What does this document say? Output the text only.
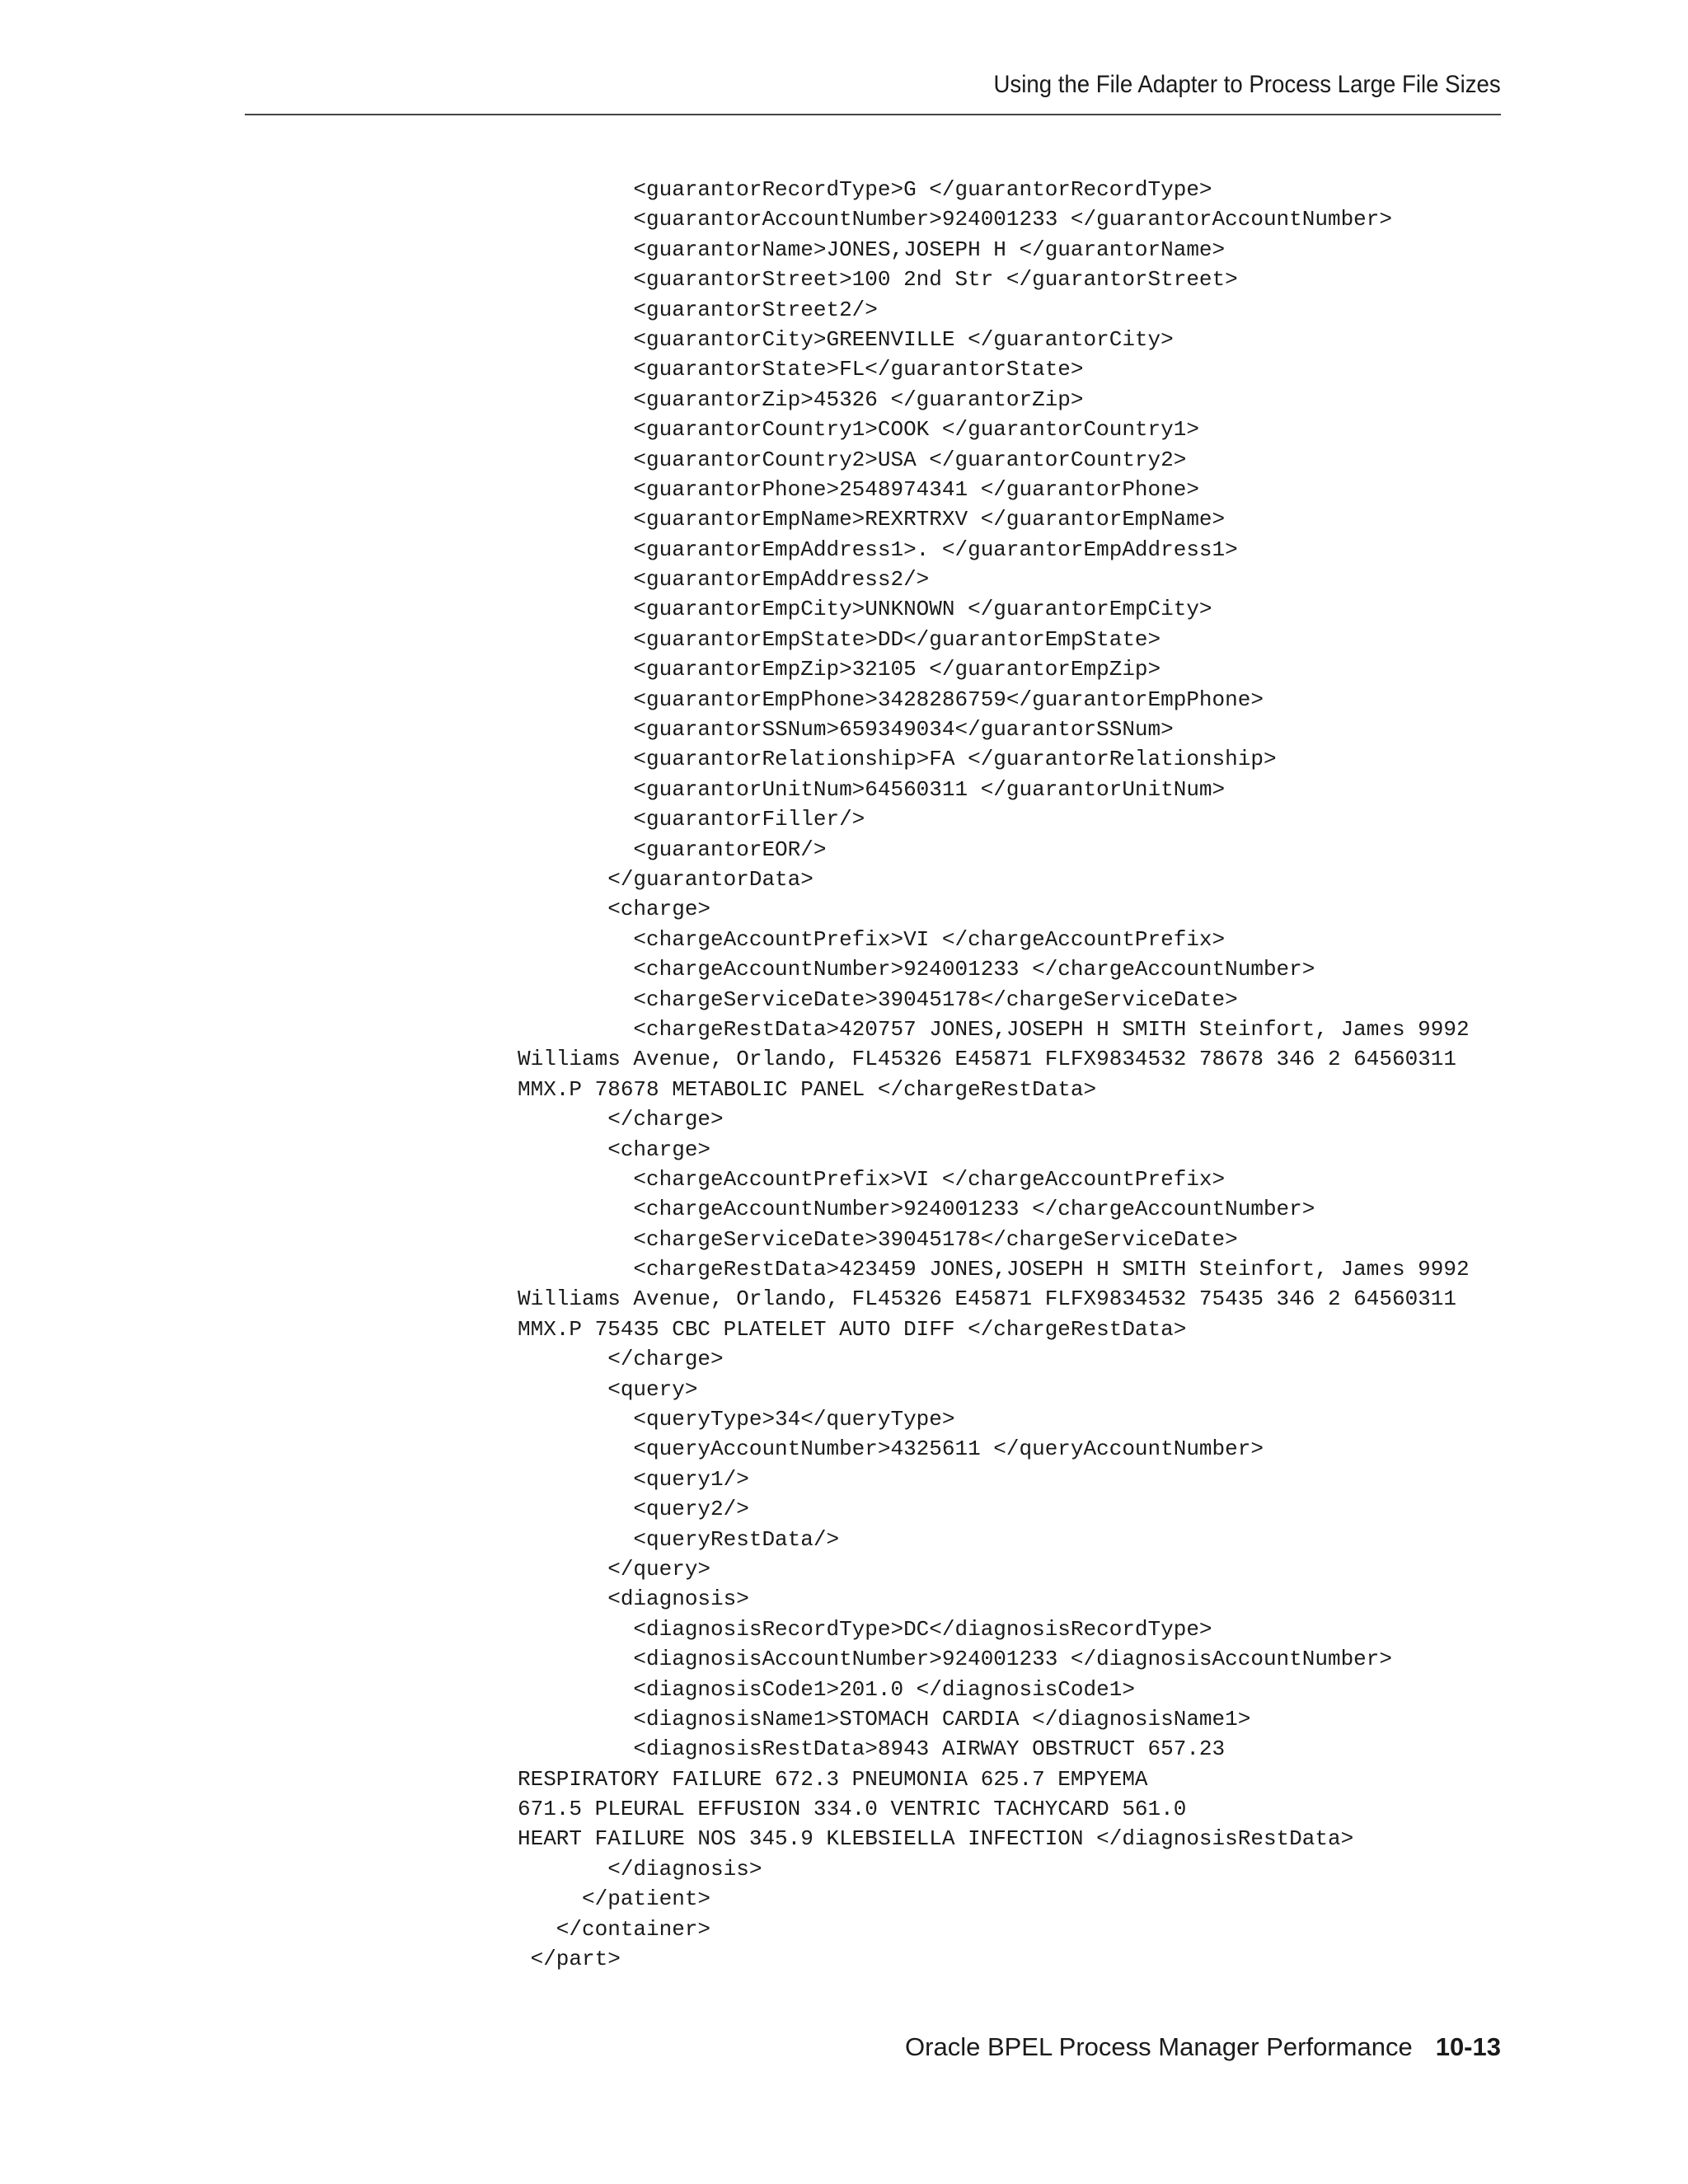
Using the File Adapter to Process Large File Sizes
<guarantorRecordType>G </guarantorRecordType>
<guarantorAccountNumber>924001233 </guarantorAccountNumber>
<guarantorName>JONES,JOSEPH H </guarantorName>
<guarantorStreet>100 2nd Str </guarantorStreet>
<guarantorStreet2/>
<guarantorCity>GREENVILLE </guarantorCity>
<guarantorState>FL</guarantorState>
<guarantorZip>45326 </guarantorZip>
<guarantorCountry1>COOK </guarantorCountry1>
<guarantorCountry2>USA </guarantorCountry2>
<guarantorPhone>2548974341 </guarantorPhone>
<guarantorEmpName>REXRTRXV </guarantorEmpName>
<guarantorEmpAddress1>. </guarantorEmpAddress1>
<guarantorEmpAddress2/>
<guarantorEmpCity>UNKNOWN </guarantorEmpCity>
<guarantorEmpState>DD</guarantorEmpState>
<guarantorEmpZip>32105 </guarantorEmpZip>
<guarantorEmpPhone>3428286759</guarantorEmpPhone>
<guarantorSSNum>659349034</guarantorSSNum>
<guarantorRelationship>FA </guarantorRelationship>
<guarantorUnitNum>64560311 </guarantorUnitNum>
<guarantorFiller/>
<guarantorEOR/>
</guarantorData>
<charge>
<chargeAccountPrefix>VI </chargeAccountPrefix>
<chargeAccountNumber>924001233 </chargeAccountNumber>
<chargeServiceDate>39045178</chargeServiceDate>
<chargeRestData>420757 JONES,JOSEPH H SMITH Steinfort, James 9992
Williams Avenue, Orlando, FL45326 E45871 FLFX9834532 78678 346 2 64560311
MMX.P 78678 METABOLIC PANEL </chargeRestData>
</charge>
<charge>
<chargeAccountPrefix>VI </chargeAccountPrefix>
<chargeAccountNumber>924001233 </chargeAccountNumber>
<chargeServiceDate>39045178</chargeServiceDate>
<chargeRestData>423459 JONES,JOSEPH H SMITH Steinfort, James 9992
Williams Avenue, Orlando, FL45326 E45871 FLFX9834532 75435 346 2 64560311
MMX.P 75435 CBC PLATELET AUTO DIFF </chargeRestData>
</charge>
<query>
<queryType>34</queryType>
<queryAccountNumber>4325611 </queryAccountNumber>
<query1/>
<query2/>
<queryRestData/>
</query>
<diagnosis>
<diagnosisRecordType>DC</diagnosisRecordType>
<diagnosisAccountNumber>924001233 </diagnosisAccountNumber>
<diagnosisCode1>201.0 </diagnosisCode1>
<diagnosisName1>STOMACH CARDIA </diagnosisName1>
<diagnosisRestData>8943 AIRWAY OBSTRUCT 657.23
RESPIRATORY FAILURE 672.3 PNEUMONIA 625.7 EMPYEMA
671.5 PLEURAL EFFUSION 334.0 VENTRIC TACHYCARD 561.0
HEART FAILURE NOS 345.9 KLEBSIELLA INFECTION </diagnosisRestData>
</diagnosis>
</patient>
</container>
</part>
Oracle BPEL Process Manager Performance 10-13
